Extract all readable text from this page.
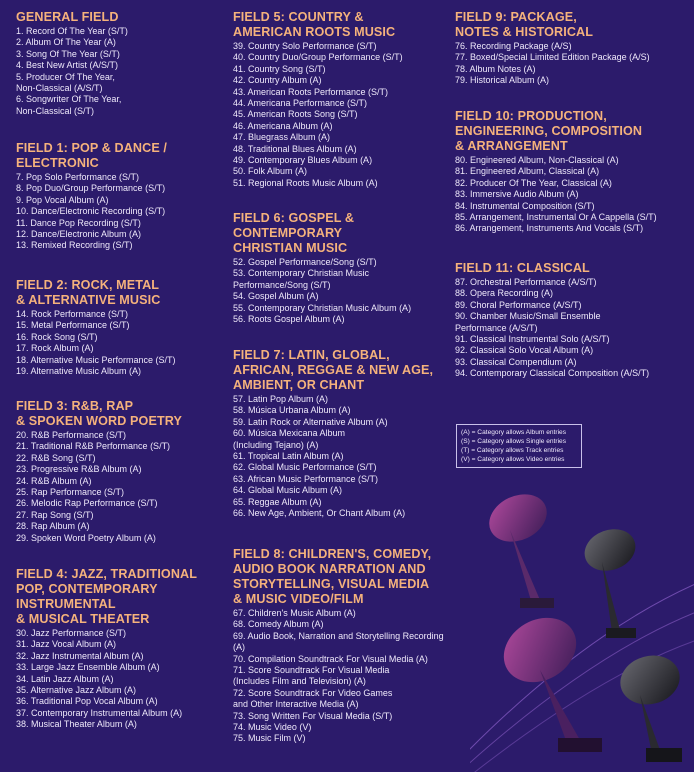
GENERAL FIELD
1. Record Of The Year (S/T)
2. Album Of The Year (A)
3. Song Of The Year (S/T)
4. Best New Artist (A/S/T)
5. Producer Of The Year,
Non-Classical (A/S/T)
6. Songwriter Of The Year,
Non-Classical (S/T)
FIELD 1: POP & DANCE /
ELECTRONIC
7. Pop Solo Performance (S/T)
8. Pop Duo/Group Performance (S/T)
9. Pop Vocal Album (A)
10. Dance/Electronic Recording (S/T)
11. Dance Pop Recording (S/T)
12. Dance/Electronic Album (A)
13. Remixed Recording (S/T)
FIELD 2: ROCK, METAL
& ALTERNATIVE MUSIC
14. Rock Performance (S/T)
15. Metal Performance (S/T)
16. Rock Song (S/T)
17. Rock Album (A)
18. Alternative Music Performance (S/T)
19. Alternative Music Album (A)
FIELD 3: R&B, RAP
& SPOKEN WORD POETRY
20. R&B Performance (S/T)
21. Traditional R&B Performance (S/T)
22. R&B Song (S/T)
23. Progressive R&B Album (A)
24. R&B Album (A)
25. Rap Performance (S/T)
26. Melodic Rap Performance (S/T)
27. Rap Song (S/T)
28. Rap Album (A)
29. Spoken Word Poetry Album (A)
FIELD 4: JAZZ, TRADITIONAL
POP, CONTEMPORARY
INSTRUMENTAL
& MUSICAL THEATER
30. Jazz Performance (S/T)
31. Jazz Vocal Album (A)
32. Jazz Instrumental Album (A)
33. Large Jazz Ensemble Album (A)
34. Latin Jazz Album (A)
35. Alternative Jazz Album (A)
36. Traditional Pop Vocal Album (A)
37. Contemporary Instrumental Album (A)
38. Musical Theater Album (A)
FIELD 5: COUNTRY &
AMERICAN ROOTS MUSIC
39. Country Solo Performance (S/T)
40. Country Duo/Group Performance (S/T)
41. Country Song (S/T)
42. Country Album (A)
43. American Roots Performance (S/T)
44. Americana Performance (S/T)
45. American Roots Song (S/T)
46. Americana Album (A)
47. Bluegrass Album (A)
48. Traditional Blues Album (A)
49. Contemporary Blues Album (A)
50. Folk Album (A)
51. Regional Roots Music Album (A)
FIELD 6: GOSPEL &
CONTEMPORARY
CHRISTIAN MUSIC
52. Gospel Performance/Song (S/T)
53. Contemporary Christian Music
Performance/Song (S/T)
54. Gospel Album (A)
55. Contemporary Christian Music Album (A)
56. Roots Gospel Album (A)
FIELD 7: LATIN, GLOBAL,
AFRICAN, REGGAE & NEW AGE,
AMBIENT, OR CHANT
57. Latin Pop Album (A)
58. Música Urbana Album (A)
59. Latin Rock or Alternative Album (A)
60. Música Mexicana Album
(Including Tejano) (A)
61. Tropical Latin Album (A)
62. Global Music Performance (S/T)
63. African Music Performance (S/T)
64. Global Music Album (A)
65. Reggae Album (A)
66. New Age, Ambient, Or Chant Album (A)
FIELD 8: CHILDREN'S, COMEDY,
AUDIO BOOK NARRATION AND
STORYTELLING, VISUAL MEDIA
& MUSIC VIDEO/FILM
67. Children's Music Album (A)
68. Comedy Album (A)
69. Audio Book, Narration and Storytelling Recording (A)
70. Compilation Soundtrack For Visual Media (A)
71. Score Soundtrack For Visual Media
(Includes Film and Television) (A)
72. Score Soundtrack For Video Games
and Other Interactive Media (A)
73. Song Written For Visual Media (S/T)
74. Music Video (V)
75. Music Film (V)
FIELD 9: PACKAGE,
NOTES & HISTORICAL
76. Recording Package (A/S)
77. Boxed/Special Limited Edition Package (A/S)
78. Album Notes (A)
79. Historical Album (A)
FIELD 10: PRODUCTION,
ENGINEERING, COMPOSITION
& ARRANGEMENT
80. Engineered Album, Non-Classical (A)
81. Engineered Album, Classical (A)
82. Producer Of The Year, Classical (A)
83. Immersive Audio Album (A)
84. Instrumental Composition (S/T)
85. Arrangement, Instrumental Or A Cappella (S/T)
86. Arrangement, Instruments And Vocals (S/T)
FIELD 11: CLASSICAL
87. Orchestral Performance (A/S/T)
88. Opera Recording (A)
89. Choral Performance (A/S/T)
90. Chamber Music/Small Ensemble
Performance (A/S/T)
91. Classical Instrumental Solo (A/S/T)
92. Classical Solo Vocal Album (A)
93. Classical Compendium (A)
94. Contemporary Classical Composition (A/S/T)
(A) = Category allows Album entries
(S) = Category allows Single entries
(T) = Category allows Track entries
(V) = Category allows Video entries
